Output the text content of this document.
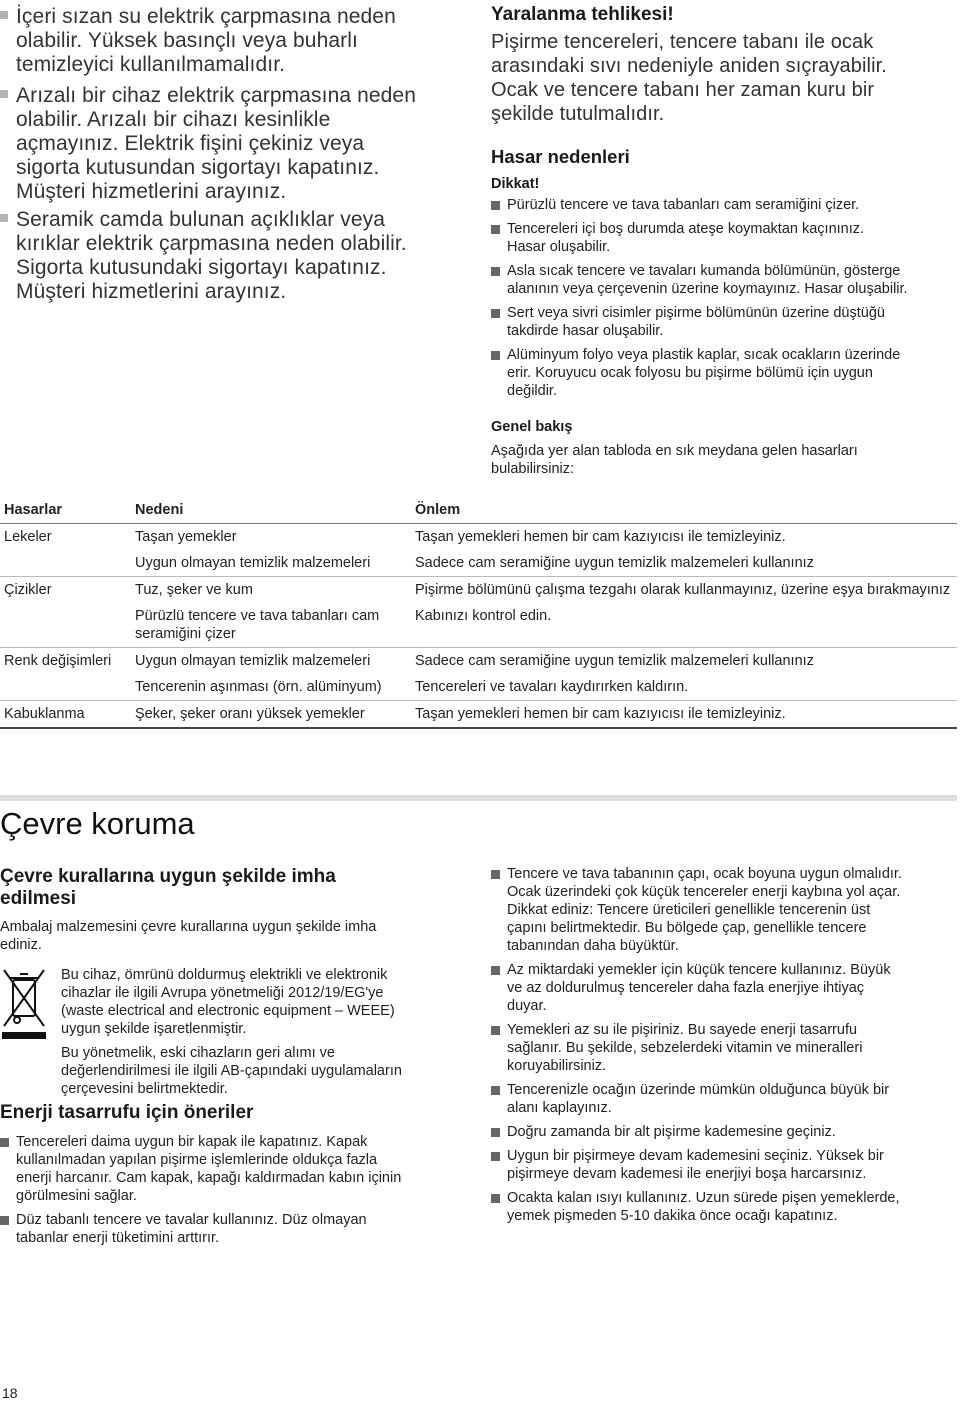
İçeri sızan su elektrik çarpmasına neden
olabilir. Yüksek basınçlı veya buharlı
temizleyici kullanılmamalıdır.
Arızalı bir cihaz elektrik çarpmasına neden
olabilir. Arızalı bir cihazı kesinlikle
açmayınız. Elektrik fişini çekiniz veya
sigorta kutusundan sigortayı kapatınız.
Müşteri hizmetlerini arayınız.
Seramik camda bulunan açıklıklar veya
kırıklar elektrik çarpmasına neden olabilir.
Sigorta kutusundaki sigortayı kapatınız.
Müşteri hizmetlerini arayınız.
Yaralanma tehlikesi!
Pişirme tencereleri, tencere tabanı ile ocak
arasındaki sıvı nedeniyle aniden sıçrayabilir.
Ocak ve tencere tabanı her zaman kuru bir
şekilde tutulmalıdır.
Hasar nedenleri
Dikkat!
Pürüzlü tencere ve tava tabanları cam seramiğini çizer.
Tencereleri içi boş durumda ateşe koymaktan kaçınınız.
Hasar oluşabilir.
Asla sıcak tencere ve tavaları kumanda bölümünün, gösterge
alanının veya çerçevenin üzerine koymayınız. Hasar oluşabilir.
Sert veya sivri cisimler pişirme bölümünün üzerine düştüğü
takdirde hasar oluşabilir.
Alüminyum folyo veya plastik kaplar, sıcak ocakların üzerinde
erir. Koruyucu ocak folyosu bu pişirme bölümü için uygun
değildir.
Genel bakış
Aşağıda yer alan tabloda en sık meydana gelen hasarları
bulabilirsiniz:
Hasarlar	Nedeni	Önlem
Lekeler	Taşan yemekler	Taşan yemekleri hemen bir cam kazıyıcısı ile temizleyiniz.
	Uygun olmayan temizlik malzemeleri	Sadece cam seramiğine uygun temizlik malzemeleri kullanınız
Çizikler	Tuz, şeker ve kum	Pişirme bölümünü çalışma tezgahı olarak kullanmayınız, üzerine eşya bırakmayınız
	Pürüzlü tencere ve tava tabanları cam seramiğini çizer	Kabınızı kontrol edin.
Renk değişimleri	Uygun olmayan temizlik malzemeleri	Sadece cam seramiğine uygun temizlik malzemeleri kullanınız
	Tencerenin aşınması (örn. alüminyum)	Tencereleri ve tavaları kaydırırken kaldırın.
Kabuklanma	Şeker, şeker oranı yüksek yemekler	Taşan yemekleri hemen bir cam kazıyıcısı ile temizleyiniz.
Çevre koruma
Çevre kurallarına uygun şekilde imha
edilmesi
Ambalaj malzemesini çevre kurallarına uygun şekilde imha
ediniz.
Bu cihaz, ömrünü doldurmuş elektrikli ve elektronik
cihazlar ile ilgili Avrupa yönetmeliği 2012/19/EG'ye
(waste electrical and electronic equipment – WEEE)
uygun şekilde işaretlenmiştir.
Bu yönetmelik, eski cihazların geri alımı ve
değerlendirilmesi ile ilgili AB-çapındaki uygulamaların
çerçevesini belirtmektedir.
Enerji tasarrufu için öneriler
Tencereleri daima uygun bir kapak ile kapatınız. Kapak
kullanılmadan yapılan pişirme işlemlerinde oldukça fazla
enerji harcanır. Cam kapak, kapağı kaldırmadan kabın içinin
görülmesini sağlar.
Düz tabanlı tencere ve tavalar kullanınız. Düz olmayan
tabanlar enerji tüketimini arttırır.
Tencere ve tava tabanının çapı, ocak boyuna uygun olmalıdır.
Ocak üzerindeki çok küçük tencereler enerji kaybına yol açar.
Dikkat ediniz: Tencere üreticileri genellikle tencerenin üst
çapını belirtmektedir. Bu bölgede çap, genellikle tencere
tabanından daha büyüktür.
Az miktardaki yemekler için küçük tencere kullanınız. Büyük
ve az doldurulmuş tencereler daha fazla enerjiye ihtiyaç
duyar.
Yemekleri az su ile pişiriniz. Bu sayede enerji tasarrufu
sağlanır. Bu şekilde, sebzelerdeki vitamin ve mineralleri
koruyabilirsiniz.
Tencerenizle ocağın üzerinde mümkün olduğunca büyük bir
alanı kaplayınız.
Doğru zamanda bir alt pişirme kademesine geçiniz.
Uygun bir pişirmeye devam kademesini seçiniz. Yüksek bir
pişirmeye devam kademesi ile enerjiyi boşa harcarsınız.
Ocakta kalan ısıyı kullanınız. Uzun sürede pişen yemeklerde,
yemek pişmeden 5-10 dakika önce ocağı kapatınız.
18
